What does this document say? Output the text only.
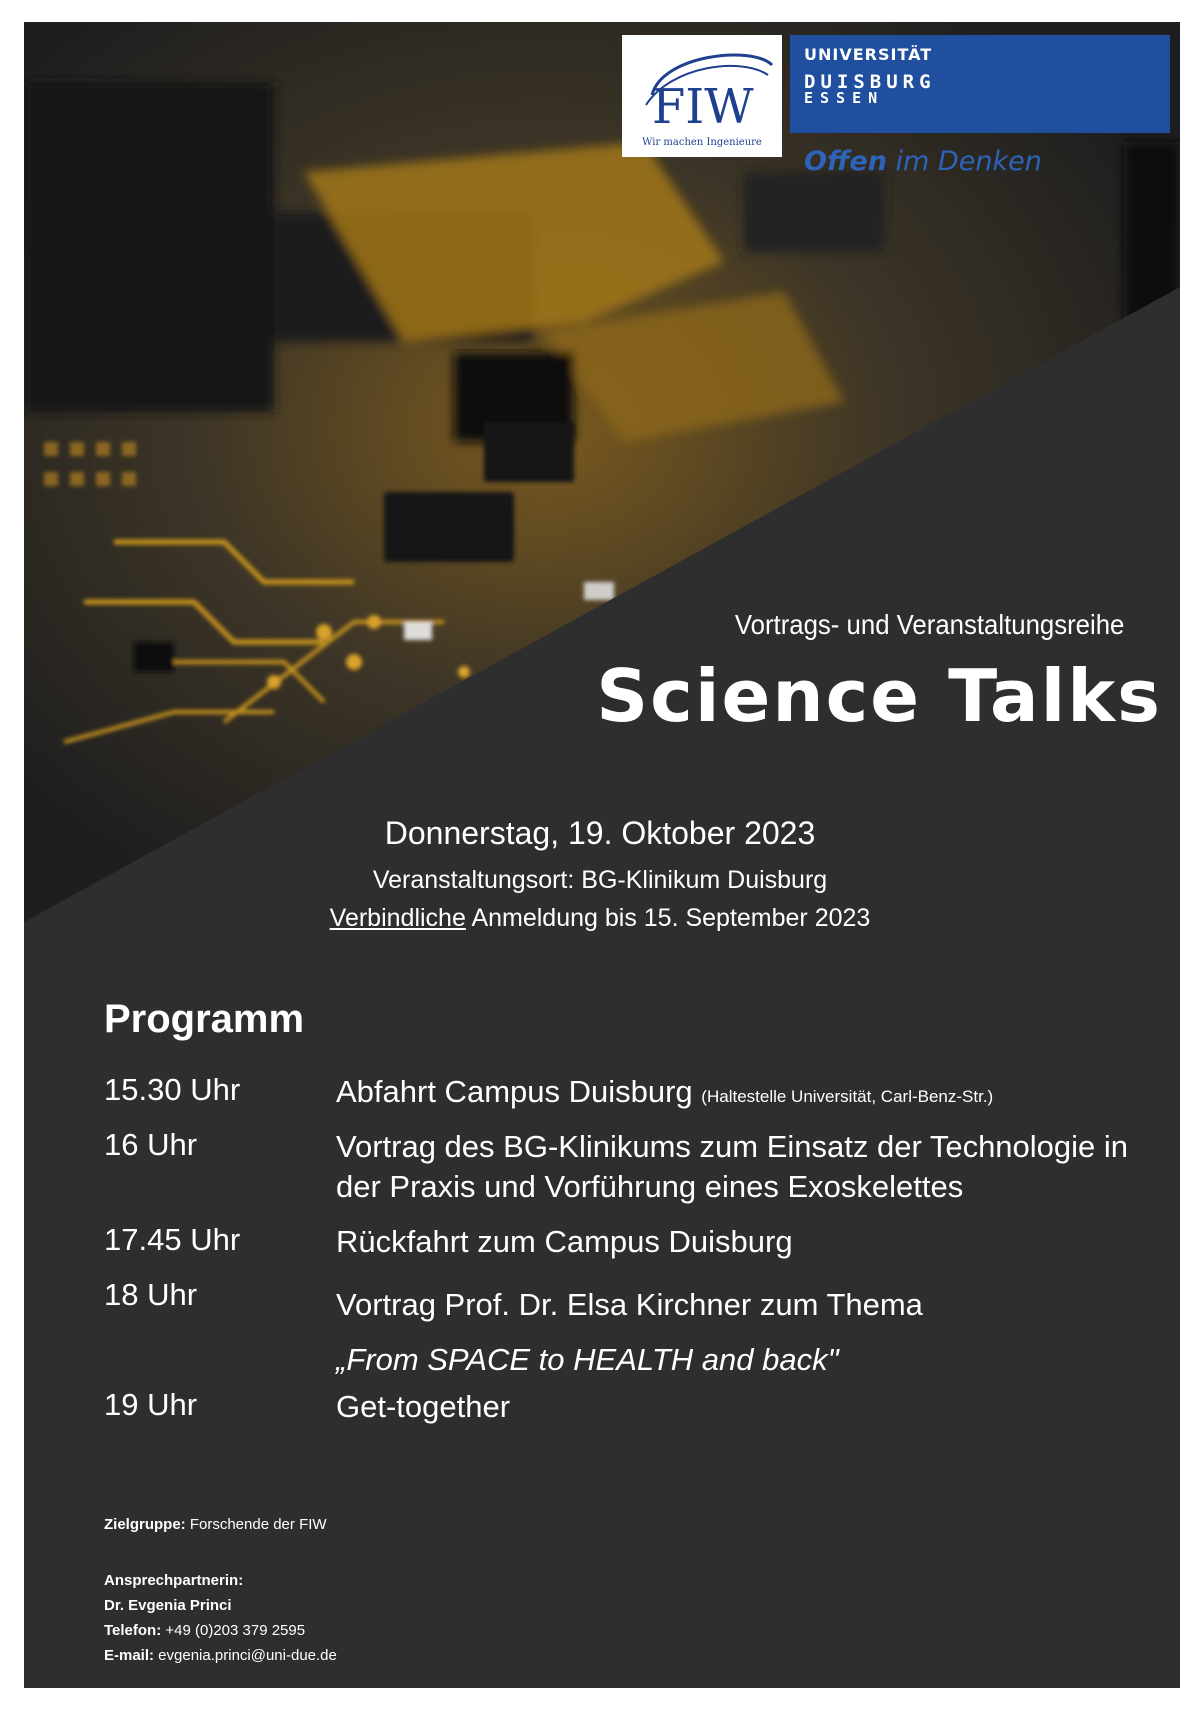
FIW
Wir machen Ingenieure
UNIVERSITÄT
DUISBURG
ESSEN
Offen im Denken
Vortrags- und Veranstaltungsreihe
Science Talks
Programm
15.30 Uhr	Abfahrt Campus Duisburg (Haltestelle Universität, Carl-Benz-Str.)
16 Uhr	Vortrag des BG-Klinikums zum Einsatz der Technologie in
der Praxis und Vorführung eines Exoskelettes
17.45 Uhr	Rückfahrt zum Campus Duisburg
18 Uhr	Vortrag Prof. Dr. Elsa Kirchner zum Thema
„From SPACE to HEALTH and back"
19 Uhr	Get-together
Zielgruppe: Forschende der FIW
Ansprechpartnerin:
Dr. Evgenia Princi
Telefon: +49 (0)203 379 2595
E-mail: evgenia.princi@uni-due.de
Donnerstag, 19. Oktober 2023
Veranstaltungsort: BG-Klinikum Duisburg
Verbindliche Anmeldung bis 15. September 2023
